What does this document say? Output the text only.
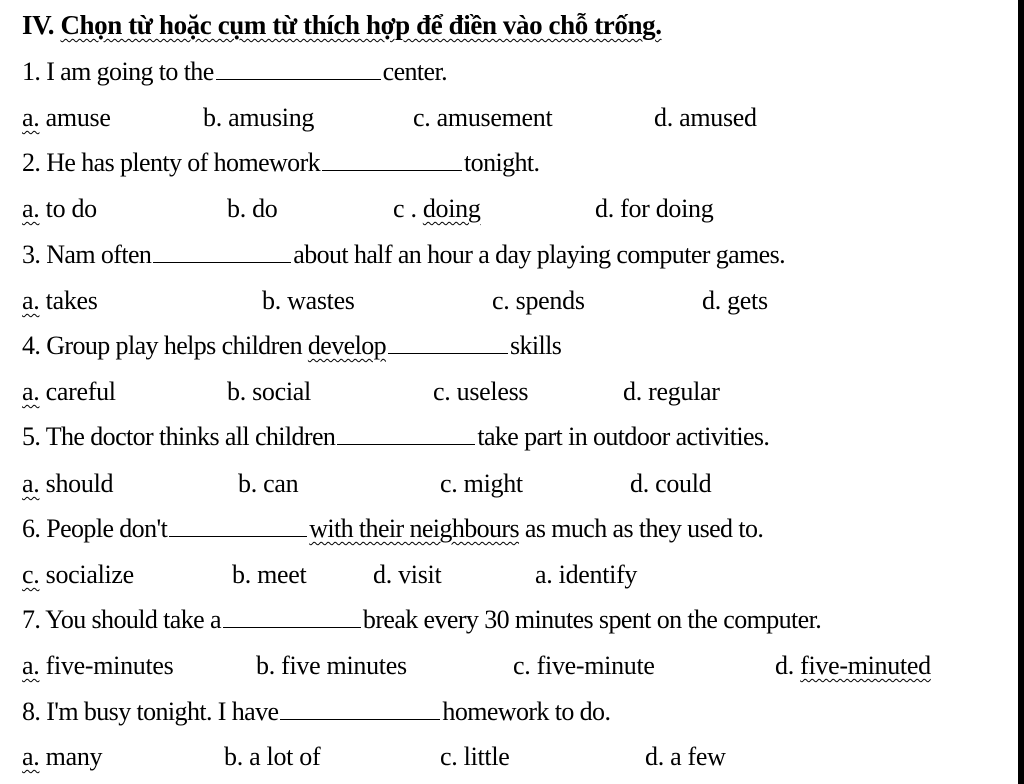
IV. Chọn từ hoặc cụm từ thích hợp để điền vào chỗ trống.
1. I am going to the	center.
a. amuse	b. amusing	c. amusement	d. amused
2. He has plenty of homework	tonight.
a. to do	b. do	c . doing	d. for doing
3. Nam often	about half an hour a day playing computer games.
a. takes	b. wastes	c. spends	d. gets
4. Group play helps children develop	skills
a. careful	b. social	c. useless	d. regular
5. The doctor thinks all children	take part in outdoor activities.
a. should	b. can	c. might	d. could
6. People don't	with their neighbours as much as they used to.
c. socialize	b. meet	d. visit	a. identify
7. You should take a	break every 30 minutes spent on the computer.
a. five-minutes	b. five minutes	c. five-minute	d. five-minuted
8. I'm busy tonight. I have	homework to do.
a. many	b. a lot of	c. little	d. a few
